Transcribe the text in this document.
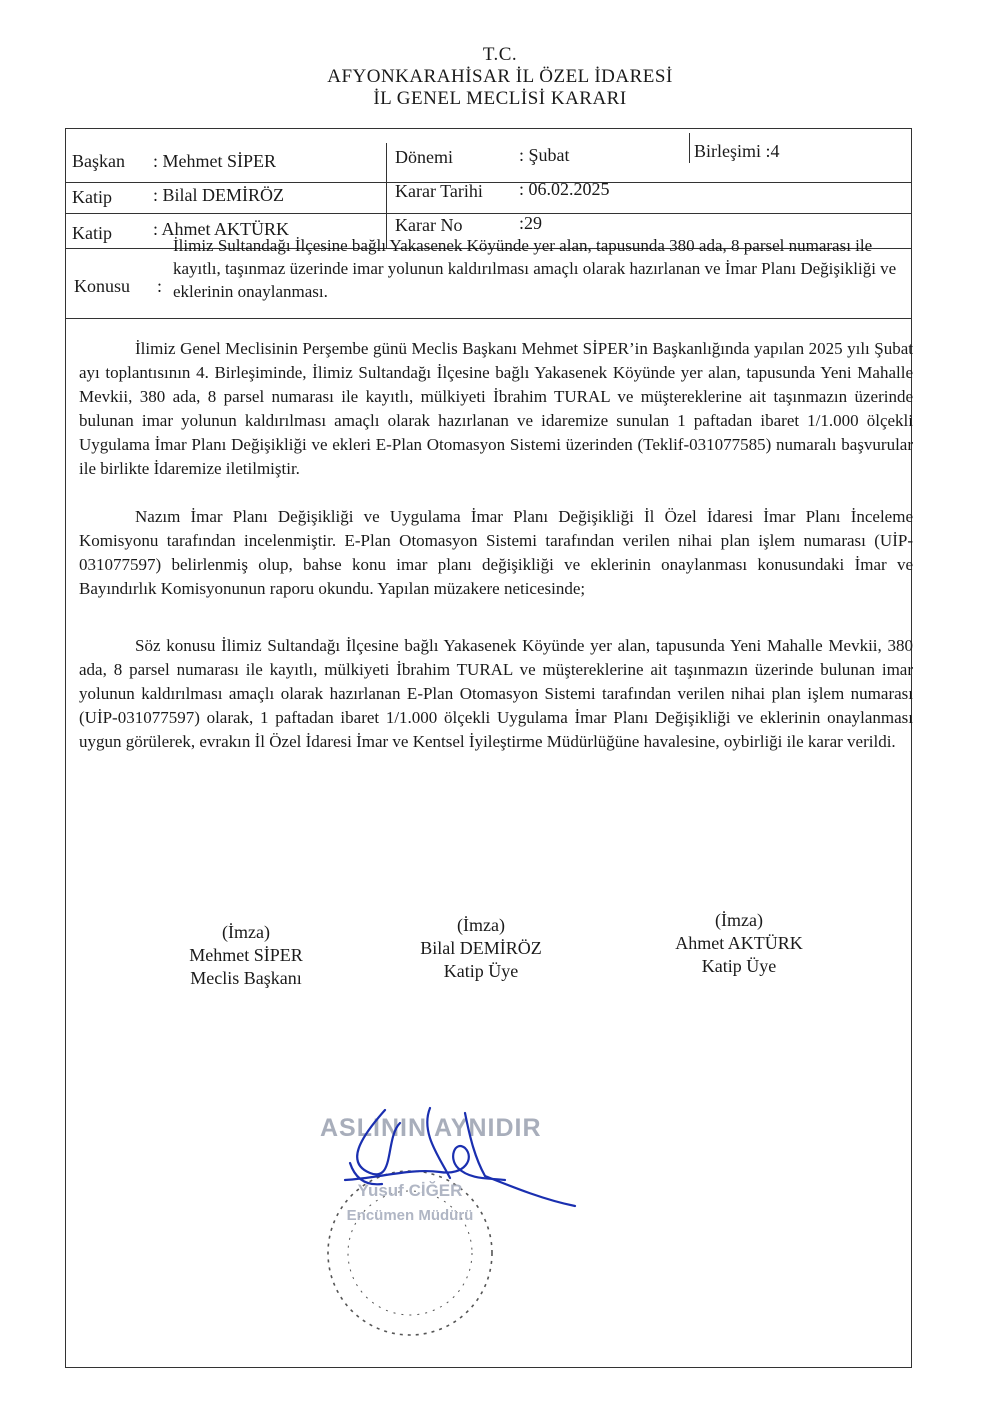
T.C.
AFYONKARAHİSAR İL ÖZEL İDARESİ
İL GENEL MECLİSİ KARARI
Başkan : Mehmet SİPER	Dönemi	: Şubat	Birleşimi :4
Katip : Bilal DEMİRÖZ	Karar Tarihi : 06.02.2025
Katip : Ahmet AKTÜRK	Karar No	:29
Konusu :
İlimiz Sultandağı İlçesine bağlı Yakasenek Köyünde yer alan, tapusunda 380 ada, 8 parsel numarası ile kayıtlı, taşınmaz üzerinde imar yolunun kaldırılması amaçlı olarak hazırlanan ve İmar Planı Değişikliği ve eklerinin onaylanması.
İlimiz Genel Meclisinin Perşembe günü Meclis Başkanı Mehmet SİPER’in Başkanlığında yapılan 2025 yılı Şubat ayı toplantısının 4. Birleşiminde, İlimiz Sultandağı İlçesine bağlı Yakasenek Köyünde yer alan, tapusunda Yeni Mahalle Mevkii, 380 ada, 8 parsel numarası ile kayıtlı, mülkiyeti İbrahim TURAL ve müştereklerine ait taşınmazın üzerinde bulunan imar yolunun kaldırılması amaçlı olarak hazırlanan ve idaremize sunulan 1 paftadan ibaret 1/1.000 ölçekli Uygulama İmar Planı Değişikliği ve ekleri E-Plan Otomasyon Sistemi üzerinden (Teklif-031077585) numaralı başvurular ile birlikte İdaremize iletilmiştir.
Nazım İmar Planı Değişikliği ve Uygulama İmar Planı Değişikliği İl Özel İdaresi İmar Planı İnceleme Komisyonu tarafından incelenmiştir. E-Plan Otomasyon Sistemi tarafından verilen nihai plan işlem numarası (UİP-031077597) belirlenmiş olup, bahse konu imar planı değişikliği ve eklerinin onaylanması konusundaki İmar ve Bayındırlık Komisyonunun raporu okundu. Yapılan müzakere neticesinde;
Söz konusu İlimiz Sultandağı İlçesine bağlı Yakasenek Köyünde yer alan, tapusunda Yeni Mahalle Mevkii, 380 ada, 8 parsel numarası ile kayıtlı, mülkiyeti İbrahim TURAL ve müştereklerine ait taşınmazın üzerinde bulunan imar yolunun kaldırılması amaçlı olarak hazırlanan E-Plan Otomasyon Sistemi tarafından verilen nihai plan işlem numarası (UİP-031077597) olarak, 1 paftadan ibaret 1/1.000 ölçekli Uygulama İmar Planı Değişikliği ve eklerinin onaylanması uygun görülerek, evrakın İl Özel İdaresi İmar ve Kentsel İyileştirme Müdürlüğüne havalesine, oybirliği ile karar verildi.
(İmza)
Mehmet SİPER
Meclis Başkanı
(İmza)
Bilal DEMİRÖZ
Katip Üye
(İmza)
Ahmet AKTÜRK
Katip Üye
ASLININ AYNIDIR
Yusuf CİĞER
Encümen Müdürü
